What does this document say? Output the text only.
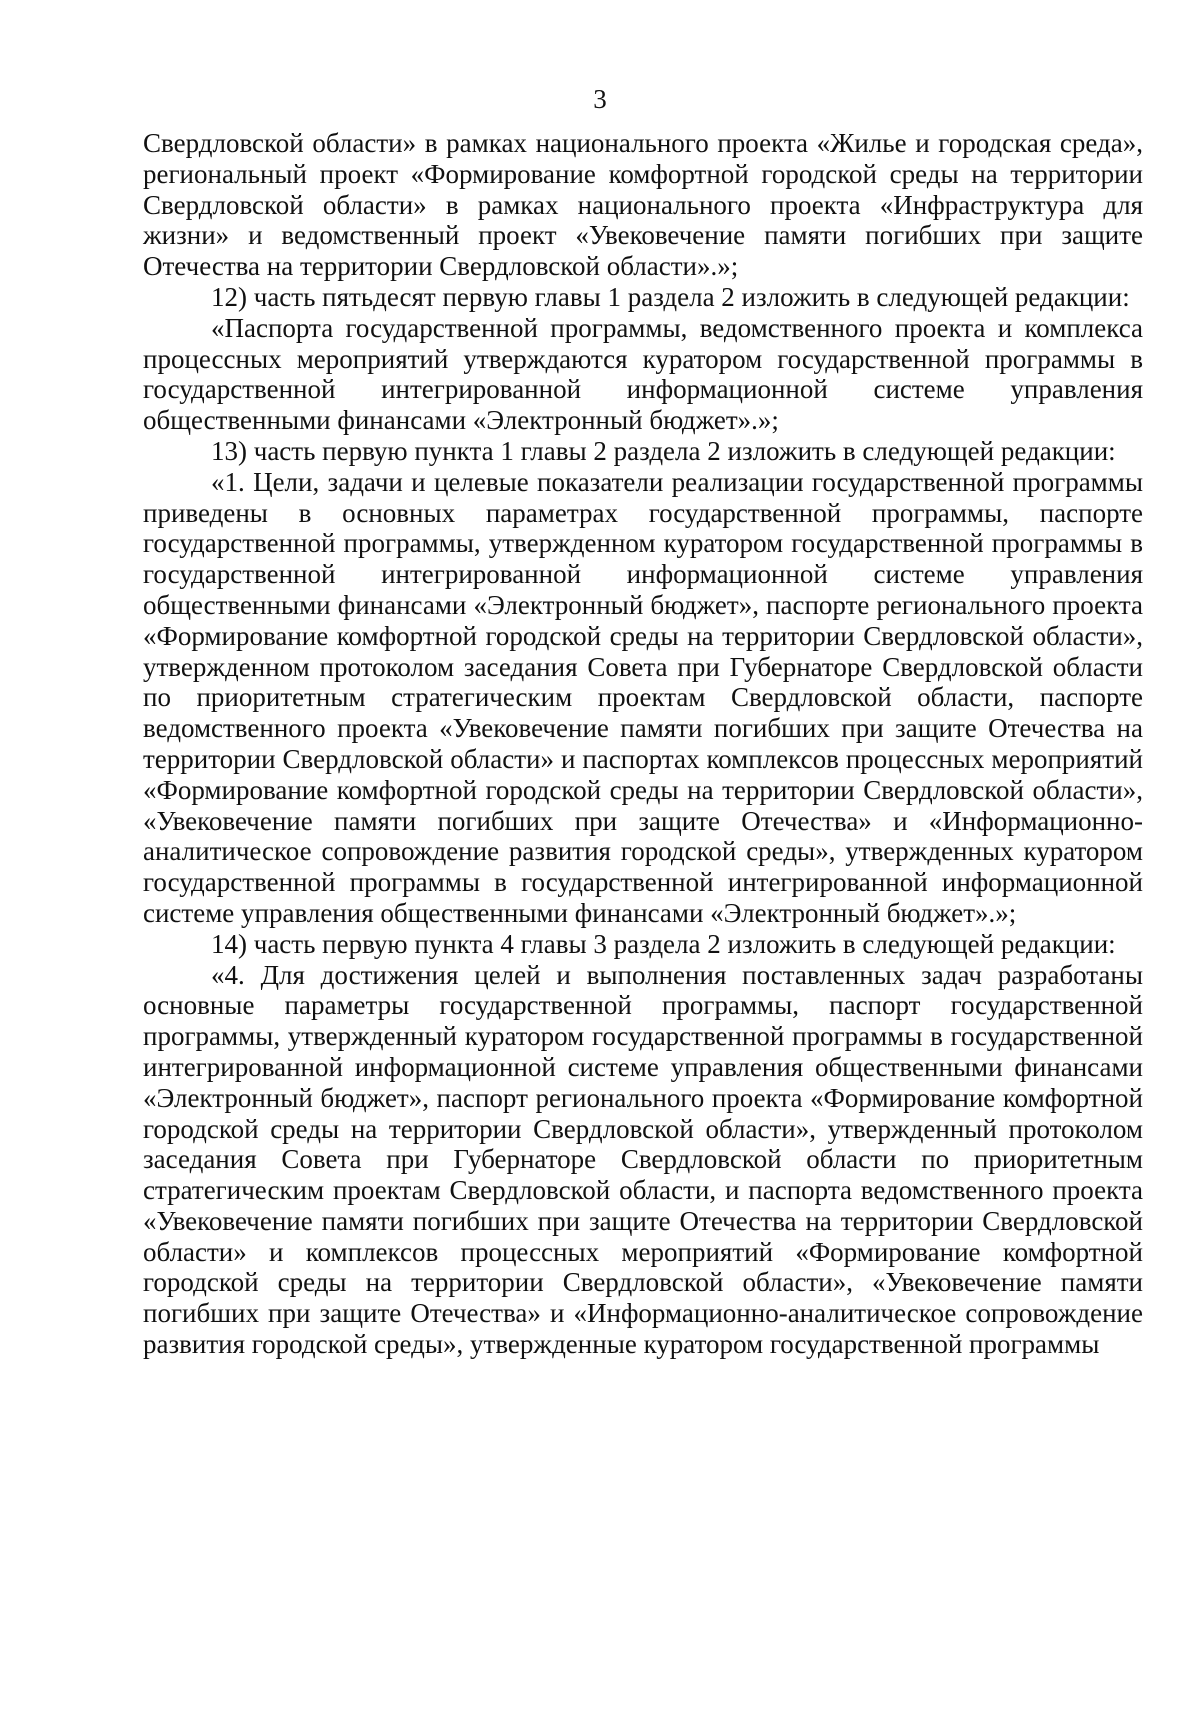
3

Свердловской области» в рамках национального проекта «Жилье и городская среда», региональный проект «Формирование комфортной городской среды на территории Свердловской области» в рамках национального проекта «Инфраструктура для жизни» и ведомственный проект «Увековечение памяти погибших при защите Отечества на территории Свердловской области».»;

12) часть пятьдесят первую главы 1 раздела 2 изложить в следующей редакции:

«Паспорта государственной программы, ведомственного проекта и комплекса процессных мероприятий утверждаются куратором государственной программы в государственной интегрированной информационной системе управления общественными финансами «Электронный бюджет».»;

13) часть первую пункта 1 главы 2 раздела 2 изложить в следующей редакции:

«1. Цели, задачи и целевые показатели реализации государственной программы приведены в основных параметрах государственной программы, паспорте государственной программы, утвержденном куратором государственной программы в государственной интегрированной информационной системе управления общественными финансами «Электронный бюджет», паспорте регионального проекта «Формирование комфортной городской среды на территории Свердловской области», утвержденном протоколом заседания Совета при Губернаторе Свердловской области по приоритетным стратегическим проектам Свердловской области, паспорте ведомственного проекта «Увековечение памяти погибших при защите Отечества на территории Свердловской области» и паспортах комплексов процессных мероприятий «Формирование комфортной городской среды на территории Свердловской области», «Увековечение памяти погибших при защите Отечества» и «Информационно-аналитическое сопровождение развития городской среды», утвержденных куратором государственной программы в государственной интегрированной информационной системе управления общественными финансами «Электронный бюджет».»;

14) часть первую пункта 4 главы 3 раздела 2 изложить в следующей редакции:

«4. Для достижения целей и выполнения поставленных задач разработаны основные параметры государственной программы, паспорт государственной программы, утвержденный куратором государственной программы в государственной интегрированной информационной системе управления общественными финансами «Электронный бюджет», паспорт регионального проекта «Формирование комфортной городской среды на территории Свердловской области», утвержденный протоколом заседания Совета при Губернаторе Свердловской области по приоритетным стратегическим проектам Свердловской области, и паспорта ведомственного проекта «Увековечение памяти погибших при защите Отечества на территории Свердловской области» и комплексов процессных мероприятий «Формирование комфортной городской среды на территории Свердловской области», «Увековечение памяти погибших при защите Отечества» и «Информационно-аналитическое сопровождение развития городской среды», утвержденные куратором государственной программы
